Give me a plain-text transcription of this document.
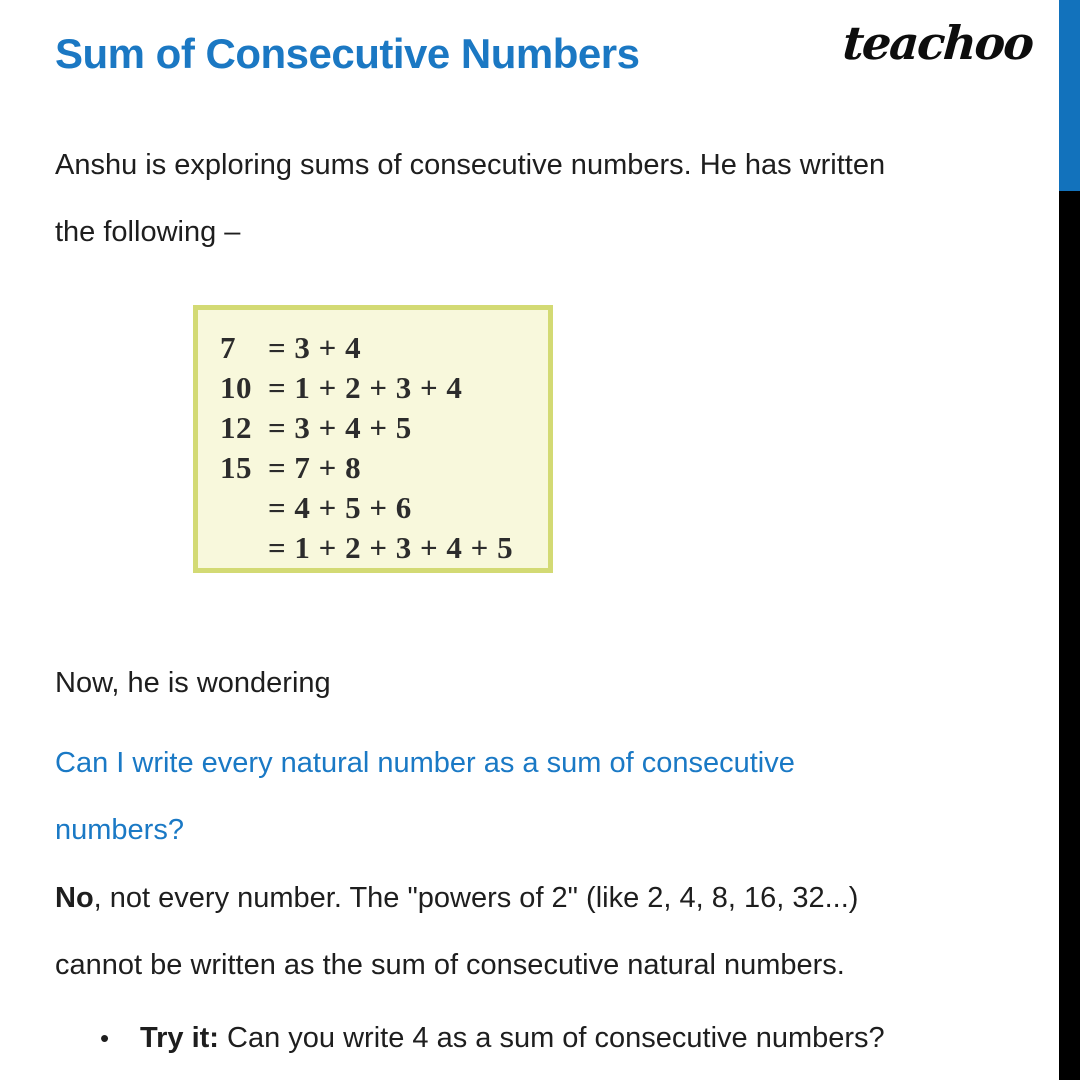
Sum of Consecutive Numbers	teachoo
Anshu is exploring sums of consecutive numbers. He has written
the following –
7 = 3 + 4
10 = 1 + 2 + 3 + 4
12 = 3 + 4 + 5
15 = 7 + 8
= 4 + 5 + 6
= 1 + 2 + 3 + 4 + 5
Now, he is wondering
Can I write every natural number as a sum of consecutive
numbers?
No, not every number. The "powers of 2" (like 2, 4, 8, 16, 32...)
cannot be written as the sum of consecutive natural numbers.
• Try it: Can you write 4 as a sum of consecutive numbers?
